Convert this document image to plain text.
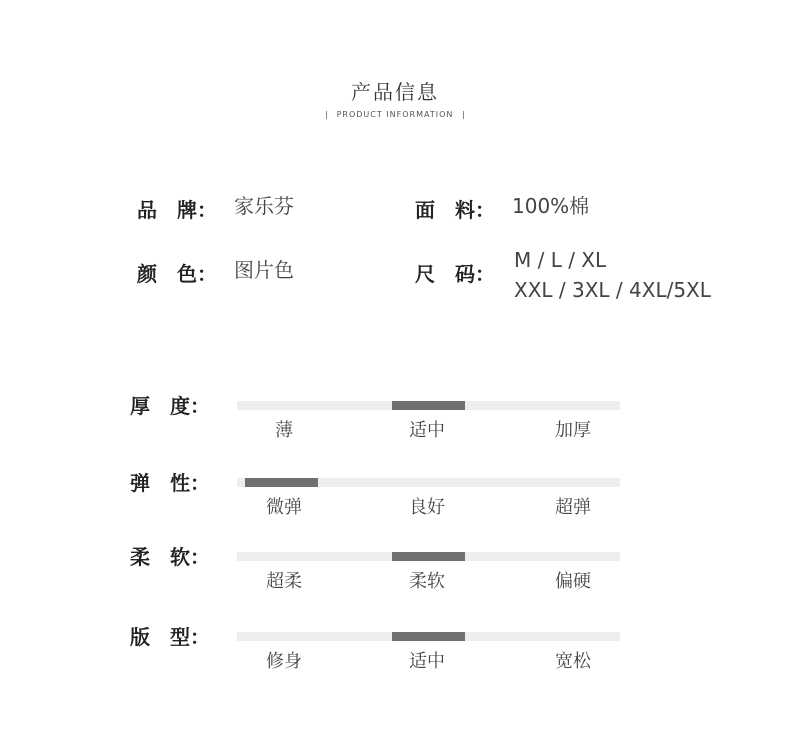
产品信息
PRODUCT INFORMATION
品　牌： 家乐芬	面　料： 100%棉
颜　色： 图片色	尺　码：
M / L / XL
XXL / 3XL / 4XL/5XL
厚　度：
薄	适中	加厚
弹　性：
微弹	良好	超弹
柔　软：
超柔	柔软	偏硬
版　型：
修身	适中	宽松
